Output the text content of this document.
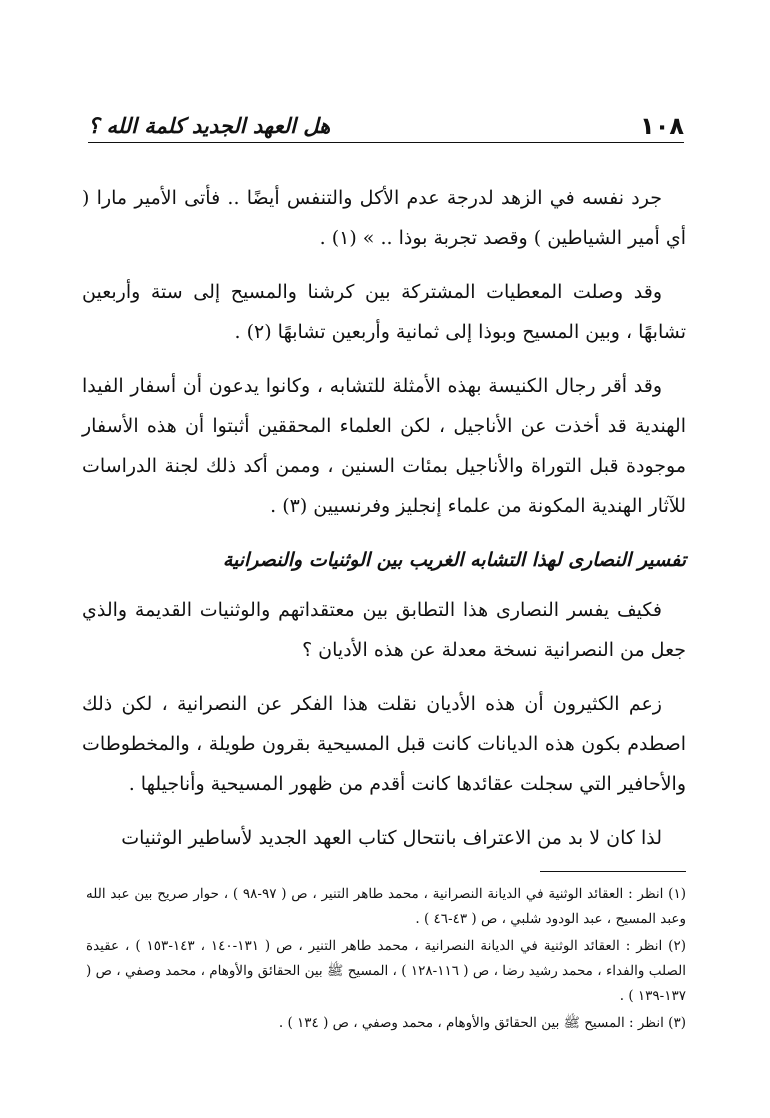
١٠٨
هل العهد الجديد كلمة الله ؟

جرد نفسه في الزهد لدرجة عدم الأكل والتنفس أيضًا .. فأتى الأمير مارا ( أي أمير الشياطين ) وقصد تجربة بوذا .. » (١) .

وقد وصلت المعطيات المشتركة بين كرشنا والمسيح إلى ستة وأربعين تشابهًا ، وبين المسيح وبوذا إلى ثمانية وأربعين تشابهًا (٢) .

وقد أقر رجال الكنيسة بهذه الأمثلة للتشابه ، وكانوا يدعون أن أسفار الفيدا الهندية قد أخذت عن الأناجيل ، لكن العلماء المحققين أثبتوا أن هذه الأسفار موجودة قبل التوراة والأناجيل بمئات السنين ، وممن أكد ذلك لجنة الدراسات للآثار الهندية المكونة من علماء إنجليز وفرنسيين (٣) .

تفسير النصارى لهذا التشابه الغريب بين الوثنيات والنصرانية

فكيف يفسر النصارى هذا التطابق بين معتقداتهم والوثنيات القديمة والذي جعل من النصرانية نسخة معدلة عن هذه الأديان ؟

زعم الكثيرون أن هذه الأديان نقلت هذا الفكر عن النصرانية ، لكن ذلك اصطدم بكون هذه الديانات كانت قبل المسيحية بقرون طويلة ، والمخطوطات والأحافير التي سجلت عقائدها كانت أقدم من ظهور المسيحية وأناجيلها .

لذا كان لا بد من الاعتراف بانتحال كتاب العهد الجديد لأساطير الوثنيات

(١) انظر : العقائد الوثنية في الديانة النصرانية ، محمد طاهر التنير ، ص ( ٩٧-٩٨ ) ، حوار صريح بين عبد الله وعبد المسيح ، عبد الودود شلبي ، ص ( ٤٣-٤٦ ) .

(٢) انظر : العقائد الوثنية في الديانة النصرانية ، محمد طاهر التنير ، ص ( ١٣١-١٤٠ ، ١٤٣-١٥٣ ) ، عقيدة الصلب والفداء ، محمد رشيد رضا ، ص ( ١١٦-١٢٨ ) ، المسيح ﷺ بين الحقائق والأوهام ، محمد وصفي ، ص ( ١٣٧-١٣٩ ) .

(٣) انظر : المسيح ﷺ بين الحقائق والأوهام ، محمد وصفي ، ص ( ١٣٤ ) .
